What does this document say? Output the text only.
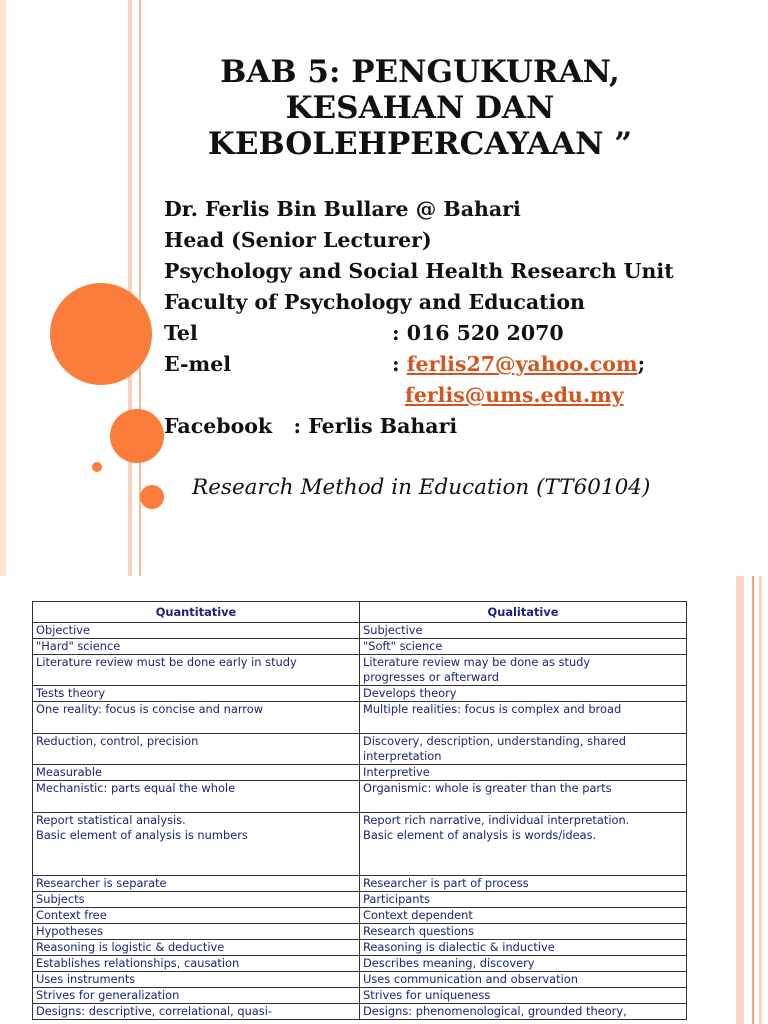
BAB 5: PENGUKURAN,
KESAHAN DAN
KEBOLEHPERCAYAAN ”
Dr. Ferlis Bin Bullare @ Bahari
Head (Senior Lecturer)
Psychology and Social Health Research Unit
Faculty of Psychology and Education
Tel	: 016 520 2070
E-mel	: ferlis27@yahoo.com;
ferlis@ums.edu.my
Facebook   : Ferlis Bahari
Research Method in Education (TT60104)
Quantitative	Qualitative
Objective	Subjective
"Hard" science	"Soft" science
Literature review must be done early in study	Literature review may be done as study
progresses or afterward
Tests theory	Develops theory
One reality: focus is concise and narrow	Multiple realities: focus is complex and broad
Reduction, control, precision	Discovery, description, understanding, shared
interpretation
Measurable	Interpretive
Mechanistic: parts equal the whole	Organismic: whole is greater than the parts
Report statistical analysis.
Basic element of analysis is numbers	Report rich narrative, individual interpretation.
Basic element of analysis is words/ideas.
Researcher is separate	Researcher is part of process
Subjects	Participants
Context free	Context dependent
Hypotheses	Research questions
Reasoning is logistic & deductive	Reasoning is dialectic & inductive
Establishes relationships, causation	Describes meaning, discovery
Uses instruments	Uses communication and observation
Strives for generalization	Strives for uniqueness
Designs: descriptive, correlational, quasi-	Designs: phenomenological, grounded theory,
